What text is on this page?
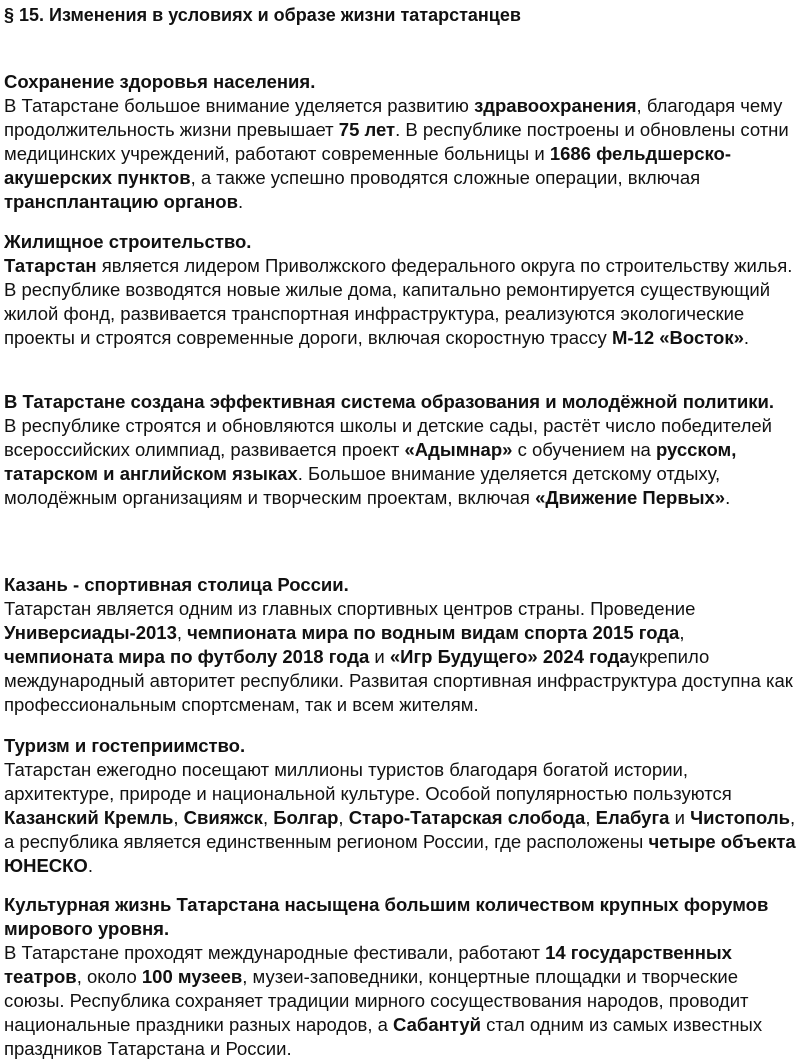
§ 15. Изменения в условиях и образе жизни татарстанцев

Сохранение здоровья населения.

В Татарстане большое внимание уделяется развитию здравоохранения, благодаря чему продолжительность жизни превышает 75 лет. В республике построены и обновлены сотни медицинских учреждений, работают современные больницы и 1686 фельдшерско-акушерских пунктов, а также успешно проводятся сложные операции, включая трансплантацию органов.

Жилищное строительство.

Татарстан является лидером Приволжского федерального округа по строительству жилья. В республике возводятся новые жилые дома, капитально ремонтируется существующий жилой фонд, развивается транспортная инфраструктура, реализуются экологические проекты и строятся современные дороги, включая скоростную трассу М-12 «Восток».

В Татарстане создана эффективная система образования и молодёжной политики.

В республике строятся и обновляются школы и детские сады, растёт число победителей всероссийских олимпиад, развивается проект «Адымнар» с обучением на русском, татарском и английском языках. Большое внимание уделяется детскому отдыху, молодёжным организациям и творческим проектам, включая «Движение Первых».

Казань - спортивная столица России.

Татарстан является одним из главных спортивных центров страны. Проведение Универсиады-2013, чемпионата мира по водным видам спорта 2015 года, чемпионата мира по футболу 2018 года и «Игр Будущего» 2024 годаукрепило международный авторитет республики. Развитая спортивная инфраструктура доступна как профессиональным спортсменам, так и всем жителям.

Туризм и гостеприимство.

Татарстан ежегодно посещают миллионы туристов благодаря богатой истории, архитектуре, природе и национальной культуре. Особой популярностью пользуются Казанский Кремль, Свияжск, Болгар, Старо-Татарская слобода, Елабуга и Чистополь, а республика является единственным регионом России, где расположены четыре объекта ЮНЕСКО.

Культурная жизнь Татарстана насыщена большим количеством крупных форумов мирового уровня.

В Татарстане проходят международные фестивали, работают 14 государственных театров, около 100 музеев, музеи-заповедники, концертные площадки и творческие союзы. Республика сохраняет традиции мирного сосуществования народов, проводит национальные праздники разных народов, а Сабантуй стал одним из самых известных праздников Татарстана и России.
